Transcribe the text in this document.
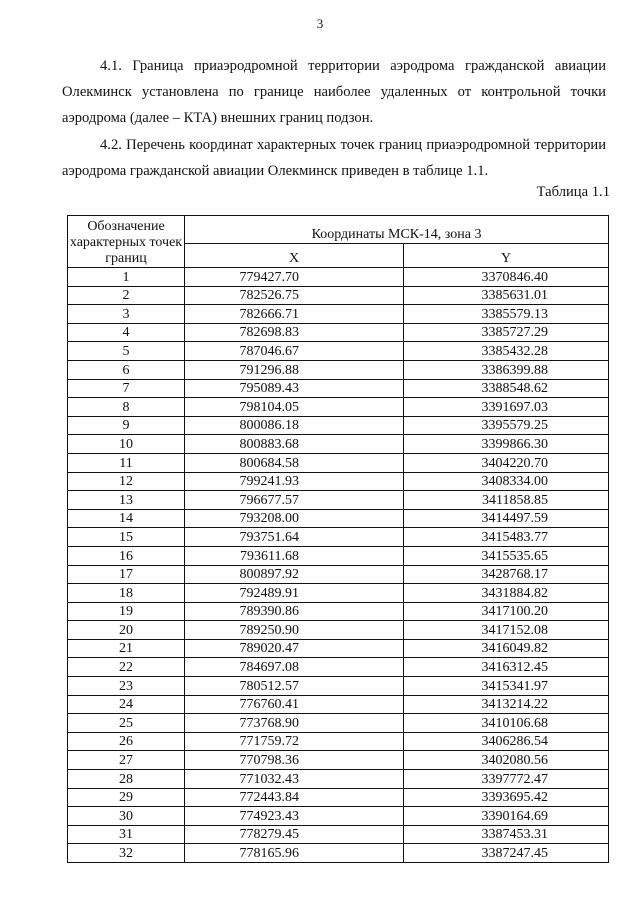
3

4.1. Граница приаэродромной территории аэродрома гражданской авиации Олекминск установлена по границе наиболее удаленных от контрольной точки аэродрома (далее – КТА) внешних границ подзон.

4.2. Перечень координат характерных точек границ приаэродромной территории аэродрома гражданской авиации Олекминск приведен в таблице 1.1.

Таблица 1.1
Обозначение характерных точек границ	Координаты МСК-14, зона 3	
	X	Y
1	779427.70	3370846.40
2	782526.75	3385631.01
3	782666.71	3385579.13
4	782698.83	3385727.29
5	787046.67	3385432.28
6	791296.88	3386399.88
7	795089.43	3388548.62
8	798104.05	3391697.03
9	800086.18	3395579.25
10	800883.68	3399866.30
11	800684.58	3404220.70
12	799241.93	3408334.00
13	796677.57	3411858.85
14	793208.00	3414497.59
15	793751.64	3415483.77
16	793611.68	3415535.65
17	800897.92	3428768.17
18	792489.91	3431884.82
19	789390.86	3417100.20
20	789250.90	3417152.08
21	789020.47	3416049.82
22	784697.08	3416312.45
23	780512.57	3415341.97
24	776760.41	3413214.22
25	773768.90	3410106.68
26	771759.72	3406286.54
27	770798.36	3402080.56
28	771032.43	3397772.47
29	772443.84	3393695.42
30	774923.43	3390164.69
31	778279.45	3387453.31
32	778165.96	3387247.45
